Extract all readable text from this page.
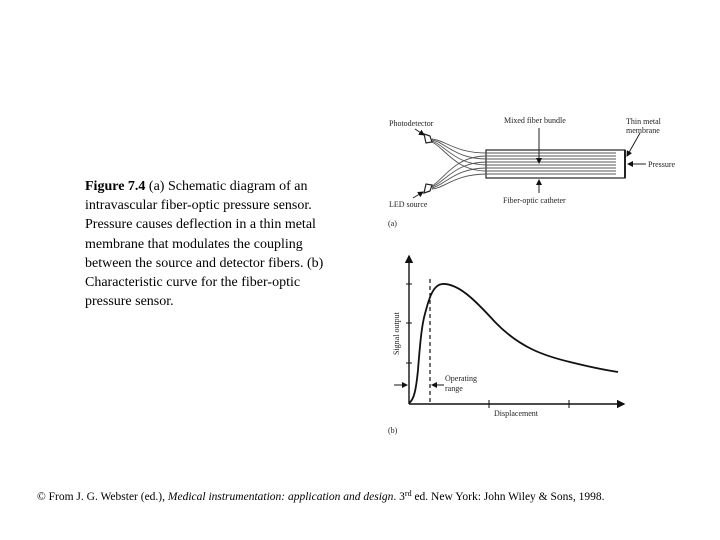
Figure 7.4 (a) Schematic diagram of an intravascular fiber-optic pressure sensor. Pressure causes deflection in a thin metal membrane that modulates the coupling between the source and detector fibers. (b) Characteristic curve for the fiber-optic pressure sensor.
Photodetector
LED source
Mixed fiber bundle	Thin metal
membrane
Pressure
Fiber-optic catheter
(a)
Operating
range
Displacement
Signal output
(b)
© From J. G. Webster (ed.), Medical instrumentation: application and design. 3rd ed. New York: John Wiley & Sons, 1998.
